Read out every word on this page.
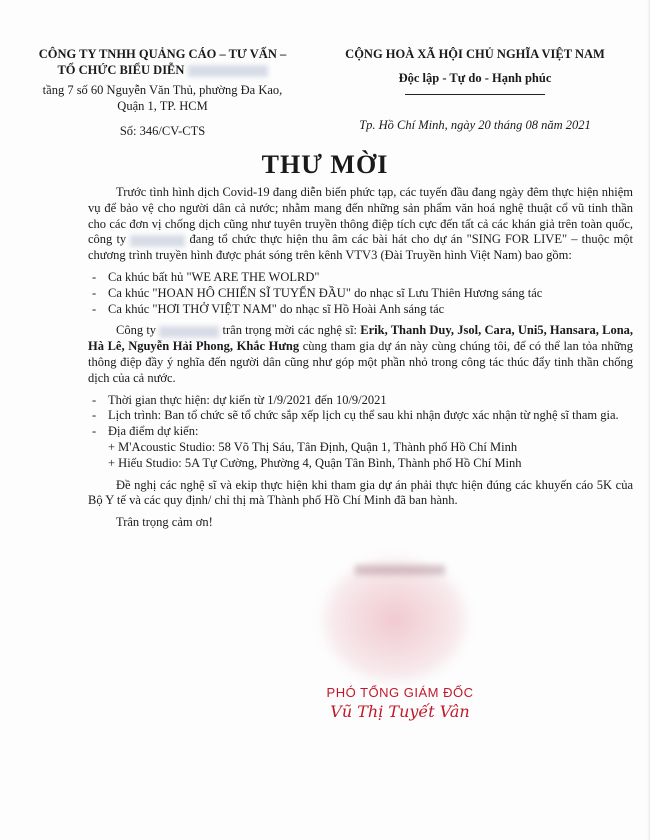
CÔNG TY TNHH QUẢNG CÁO – TƯ VẤN –
TỔ CHỨC BIỂU DIỄN
tầng 7 số 60 Nguyễn Văn Thủ, phường Đa Kao,
Quận 1, TP. HCM
Số: 346/CV-CTS
CỘNG HOÀ XÃ HỘI CHỦ NGHĨA VIỆT NAM
Độc lập - Tự do - Hạnh phúc
Tp. Hồ Chí Minh, ngày 20 tháng 08 năm 2021
THƯ MỜI

Trước tình hình dịch Covid-19 đang diễn biến phức tạp, các tuyến đầu đang ngày đêm thực hiện nhiệm vụ để bảo vệ cho người dân cả nước; nhằm mang đến những sản phẩm văn hoá nghệ thuật cổ vũ tinh thần cho các đơn vị chống dịch cũng như tuyên truyền thông điệp tích cực đến tất cả các khán giả trên toàn quốc, công ty	đang tổ chức thực hiện thu âm các bài hát cho dự án "SING FOR LIVE" – thuộc một chương trình truyền hình được phát sóng trên kênh VTV3 (Đài Truyền hình Việt Nam) bao gồm:

- Ca khúc bất hủ "WE ARE THE WOLRD"
- Ca khúc "HOAN HÔ CHIẾN SĨ TUYẾN ĐẦU" do nhạc sĩ Lưu Thiên Hương sáng tác
- Ca khúc "HƠI THỞ VIỆT NAM" do nhạc sĩ Hồ Hoài Anh sáng tác

Công ty	trân trọng mời các nghệ sĩ: Erik, Thanh Duy, Jsol, Cara, Uni5, Hansara, Lona, Hà Lê, Nguyễn Hải Phong, Khắc Hưng cùng tham gia dự án này cùng chúng tôi, để có thể lan tỏa những thông điệp đầy ý nghĩa đến người dân cũng như góp một phần nhỏ trong công tác thúc đẩy tinh thần chống dịch của cả nước.

- Thời gian thực hiện: dự kiến từ 1/9/2021 đến 10/9/2021
- Lịch trình: Ban tổ chức sẽ tổ chức sắp xếp lịch cụ thể sau khi nhận được xác nhận từ nghệ sĩ tham gia.
- Địa điểm dự kiến:
+ M'Acoustic Studio: 58 Võ Thị Sáu, Tân Định, Quận 1, Thành phố Hồ Chí Minh
+ Hiếu Studio: 5A Tự Cường, Phường 4, Quận Tân Bình, Thành phố Hồ Chí Minh

Đề nghị các nghệ sĩ và ekip thực hiện khi tham gia dự án phải thực hiện đúng các khuyến cáo 5K của Bộ Y tế và các quy định/ chỉ thị mà Thành phố Hồ Chí Minh đã ban hành.

Trân trọng cảm ơn!

PHÓ TỔNG GIÁM ĐỐC
Vũ Thị Tuyết Vân
